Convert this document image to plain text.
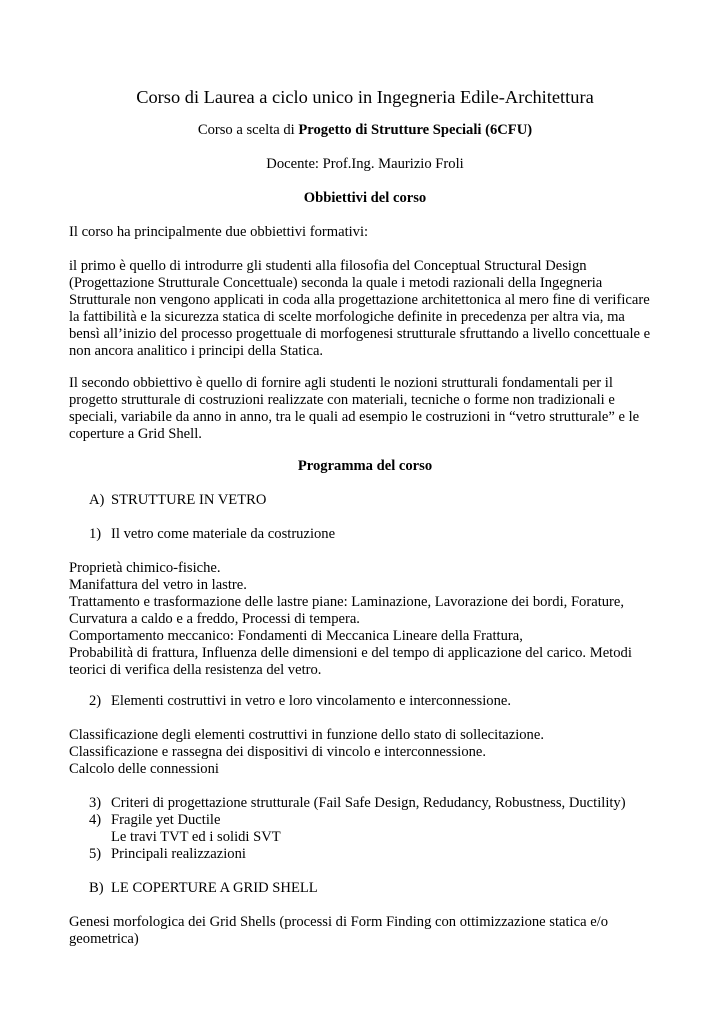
Corso di Laurea a ciclo unico in Ingegneria Edile-Architettura
Corso a scelta di Progetto di Strutture Speciali (6CFU)
Docente: Prof.Ing. Maurizio Froli
Obbiettivi del corso
Il corso ha principalmente due obbiettivi formativi:

il primo è quello di introdurre gli studenti alla filosofia del Conceptual Structural Design

(Progettazione Strutturale Concettuale) seconda la quale i metodi razionali della Ingegneria

Strutturale non vengono applicati in coda alla progettazione architettonica al mero fine di verificare

la fattibilità e la sicurezza statica di scelte morfologiche definite in precedenza per altra via, ma

bensì all’inizio del processo progettuale di morfogenesi strutturale sfruttando a livello concettuale e

non ancora analitico i principi della Statica.

Il secondo obbiettivo è quello di fornire agli studenti le nozioni strutturali fondamentali per il

progetto strutturale di costruzioni realizzate con materiali, tecniche o forme non tradizionali e

speciali, variabile da anno in anno, tra le quali ad esempio le costruzioni in “vetro strutturale” e le

coperture a Grid Shell.

Programma del corso
A) STRUTTURE IN VETRO
1) Il vetro come materiale da costruzione

Proprietà chimico-fisiche.

Manifattura del vetro in lastre.

Trattamento e trasformazione delle lastre piane: Laminazione, Lavorazione dei bordi, Forature,

Curvatura a caldo e a freddo, Processi di tempera.

Comportamento meccanico: Fondamenti di Meccanica Lineare della Frattura,

Probabilità di frattura, Influenza delle dimensioni e del tempo di applicazione del carico. Metodi

teorici di verifica della resistenza del vetro.

2) Elementi costruttivi in vetro e loro vincolamento e interconnessione.

Classificazione degli elementi costruttivi in funzione dello stato di sollecitazione.

Classificazione e rassegna dei dispositivi di vincolo e interconnessione.

Calcolo delle connessioni

3) Criteri di progettazione strutturale (Fail Safe Design, Redudancy, Robustness, Ductility)
4) Fragile yet Ductile
Le travi TVT ed i solidi SVT
5) Principali realizzazioni
B) LE COPERTURE A GRID SHELL

Genesi morfologica dei Grid Shells (processi di Form Finding con ottimizzazione statica e/o

geometrica)
